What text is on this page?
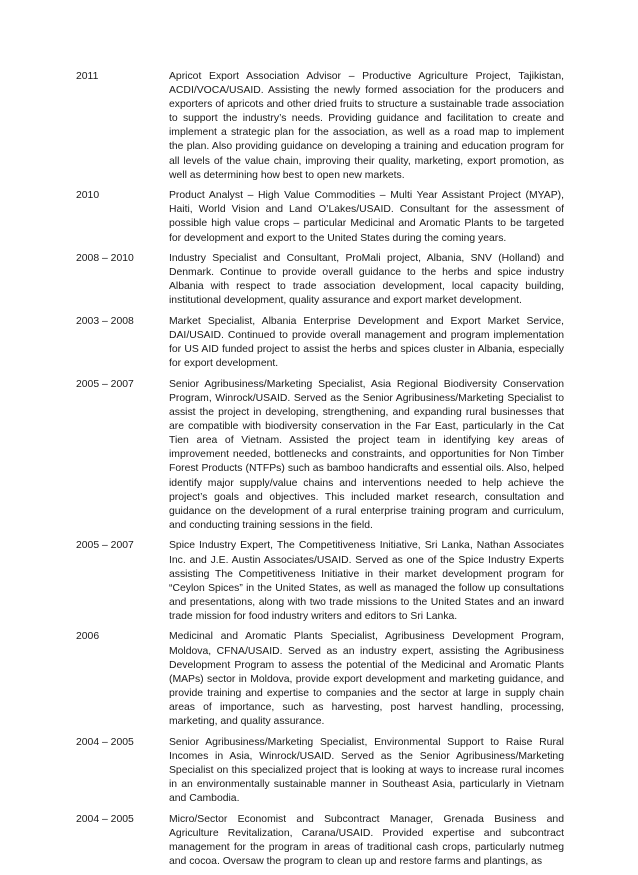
2011	Apricot Export Association Advisor – Productive Agriculture Project, Tajikistan, ACDI/VOCA/USAID. Assisting the newly formed association for the producers and exporters of apricots and other dried fruits to structure a sustainable trade association to support the industry’s needs. Providing guidance and facilitation to create and implement a strategic plan for the association, as well as a road map to implement the plan. Also providing guidance on developing a training and education program for all levels of the value chain, improving their quality, marketing, export promotion, as well as determining how best to open new markets.
2010	Product Analyst – High Value Commodities – Multi Year Assistant Project (MYAP), Haiti, World Vision and Land O’Lakes/USAID. Consultant for the assessment of possible high value crops – particular Medicinal and Aromatic Plants to be targeted for development and export to the United States during the coming years.
2008 – 2010	Industry Specialist and Consultant, ProMali project, Albania, SNV (Holland) and Denmark. Continue to provide overall guidance to the herbs and spice industry Albania with respect to trade association development, local capacity building, institutional development, quality assurance and export market development.
2003 – 2008	Market Specialist, Albania Enterprise Development and Export Market Service, DAI/USAID. Continued to provide overall management and program implementation for US AID funded project to assist the herbs and spices cluster in Albania, especially for export development.
2005 – 2007	Senior Agribusiness/Marketing Specialist, Asia Regional Biodiversity Conservation Program, Winrock/USAID. Served as the Senior Agribusiness/Marketing Specialist to assist the project in developing, strengthening, and expanding rural businesses that are compatible with biodiversity conservation in the Far East, particularly in the Cat Tien area of Vietnam. Assisted the project team in identifying key areas of improvement needed, bottlenecks and constraints, and opportunities for Non Timber Forest Products (NTFPs) such as bamboo handicrafts and essential oils. Also, helped identify major supply/value chains and interventions needed to help achieve the project’s goals and objectives. This included market research, consultation and guidance on the development of a rural enterprise training program and curriculum, and conducting training sessions in the field.
2005 – 2007	Spice Industry Expert, The Competitiveness Initiative, Sri Lanka, Nathan Associates Inc. and J.E. Austin Associates/USAID. Served as one of the Spice Industry Experts assisting The Competitiveness Initiative in their market development program for “Ceylon Spices” in the United States, as well as managed the follow up consultations and presentations, along with two trade missions to the United States and an inward trade mission for food industry writers and editors to Sri Lanka.
2006	Medicinal and Aromatic Plants Specialist, Agribusiness Development Program, Moldova, CFNA/USAID. Served as an industry expert, assisting the Agribusiness Development Program to assess the potential of the Medicinal and Aromatic Plants (MAPs) sector in Moldova, provide export development and marketing guidance, and provide training and expertise to companies and the sector at large in supply chain areas of importance, such as harvesting, post harvest handling, processing, marketing, and quality assurance.
2004 – 2005	Senior Agribusiness/Marketing Specialist, Environmental Support to Raise Rural Incomes in Asia, Winrock/USAID. Served as the Senior Agribusiness/Marketing Specialist on this specialized project that is looking at ways to increase rural incomes in an environmentally sustainable manner in Southeast Asia, particularly in Vietnam and Cambodia.
2004 – 2005	Micro/Sector Economist and Subcontract Manager, Grenada Business and Agriculture Revitalization, Carana/USAID. Provided expertise and subcontract management for the program in areas of traditional cash crops, particularly nutmeg and cocoa. Oversaw the program to clean up and restore farms and plantings, as
